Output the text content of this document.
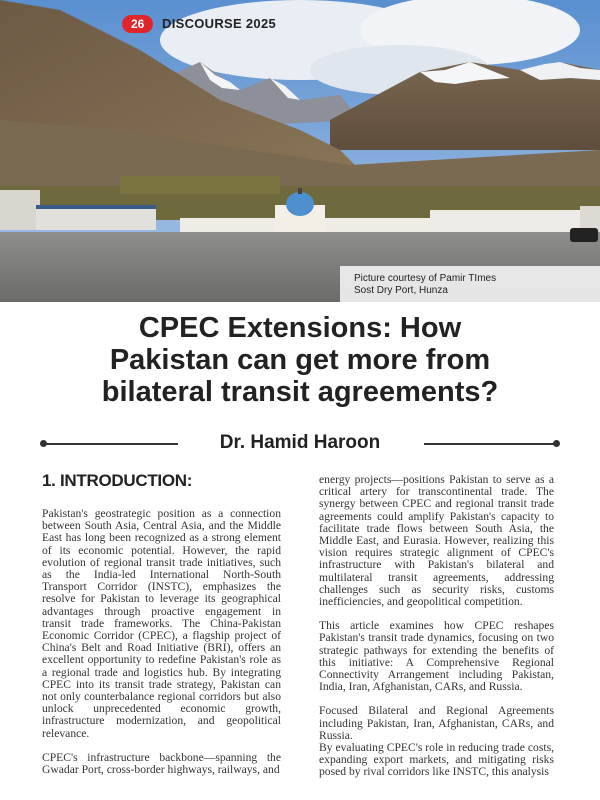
26	DISCOURSE 2025
Picture courtesy of Pamir TImes
Sost Dry Port, Hunza
CPEC Extensions: How
Pakistan can get more from
bilateral transit agreements?
Dr. Hamid Haroon
1. INTRODUCTION:

Pakistan's geostrategic position as a connection between South Asia, Central Asia, and the Middle East has long been recognized as a strong element of its economic potential. However, the rapid evolution of regional transit trade initiatives, such as the India-led International North-South Transport Corridor (INSTC), emphasizes the resolve for Pakistan to leverage its geographical advantages through proactive engagement in transit trade frameworks. The China-Pakistan Economic Corridor (CPEC), a flagship project of China's Belt and Road Initiative (BRI), offers an excellent opportunity to redefine Pakistan's role as a regional trade and logistics hub. By integrating CPEC into its transit trade strategy, Pakistan can not only counterbalance regional corridors but also unlock unprecedented economic growth, infrastructure modernization, and geopolitical relevance.

CPEC's infrastructure backbone—spanning the Gwadar Port, cross-border highways, railways, and

energy projects—positions Pakistan to serve as a critical artery for transcontinental trade. The synergy between CPEC and regional transit trade agreements could amplify Pakistan's capacity to facilitate trade flows between South Asia, the Middle East, and Eurasia. However, realizing this vision requires strategic alignment of CPEC's infrastructure with Pakistan's bilateral and multilateral transit agreements, addressing challenges such as security risks, customs inefficiencies, and geopolitical competition.

This article examines how CPEC reshapes Pakistan's transit trade dynamics, focusing on two strategic pathways for extending the benefits of this initiative: A Comprehensive Regional Connectivity Arrangement including Pakistan, India, Iran, Afghanistan, CARs, and Russia.

Focused Bilateral and Regional Agreements including Pakistan, Iran, Afghanistan, CARs, and Russia.

By evaluating CPEC's role in reducing trade costs, expanding export markets, and mitigating risks posed by rival corridors like INSTC, this analysis
